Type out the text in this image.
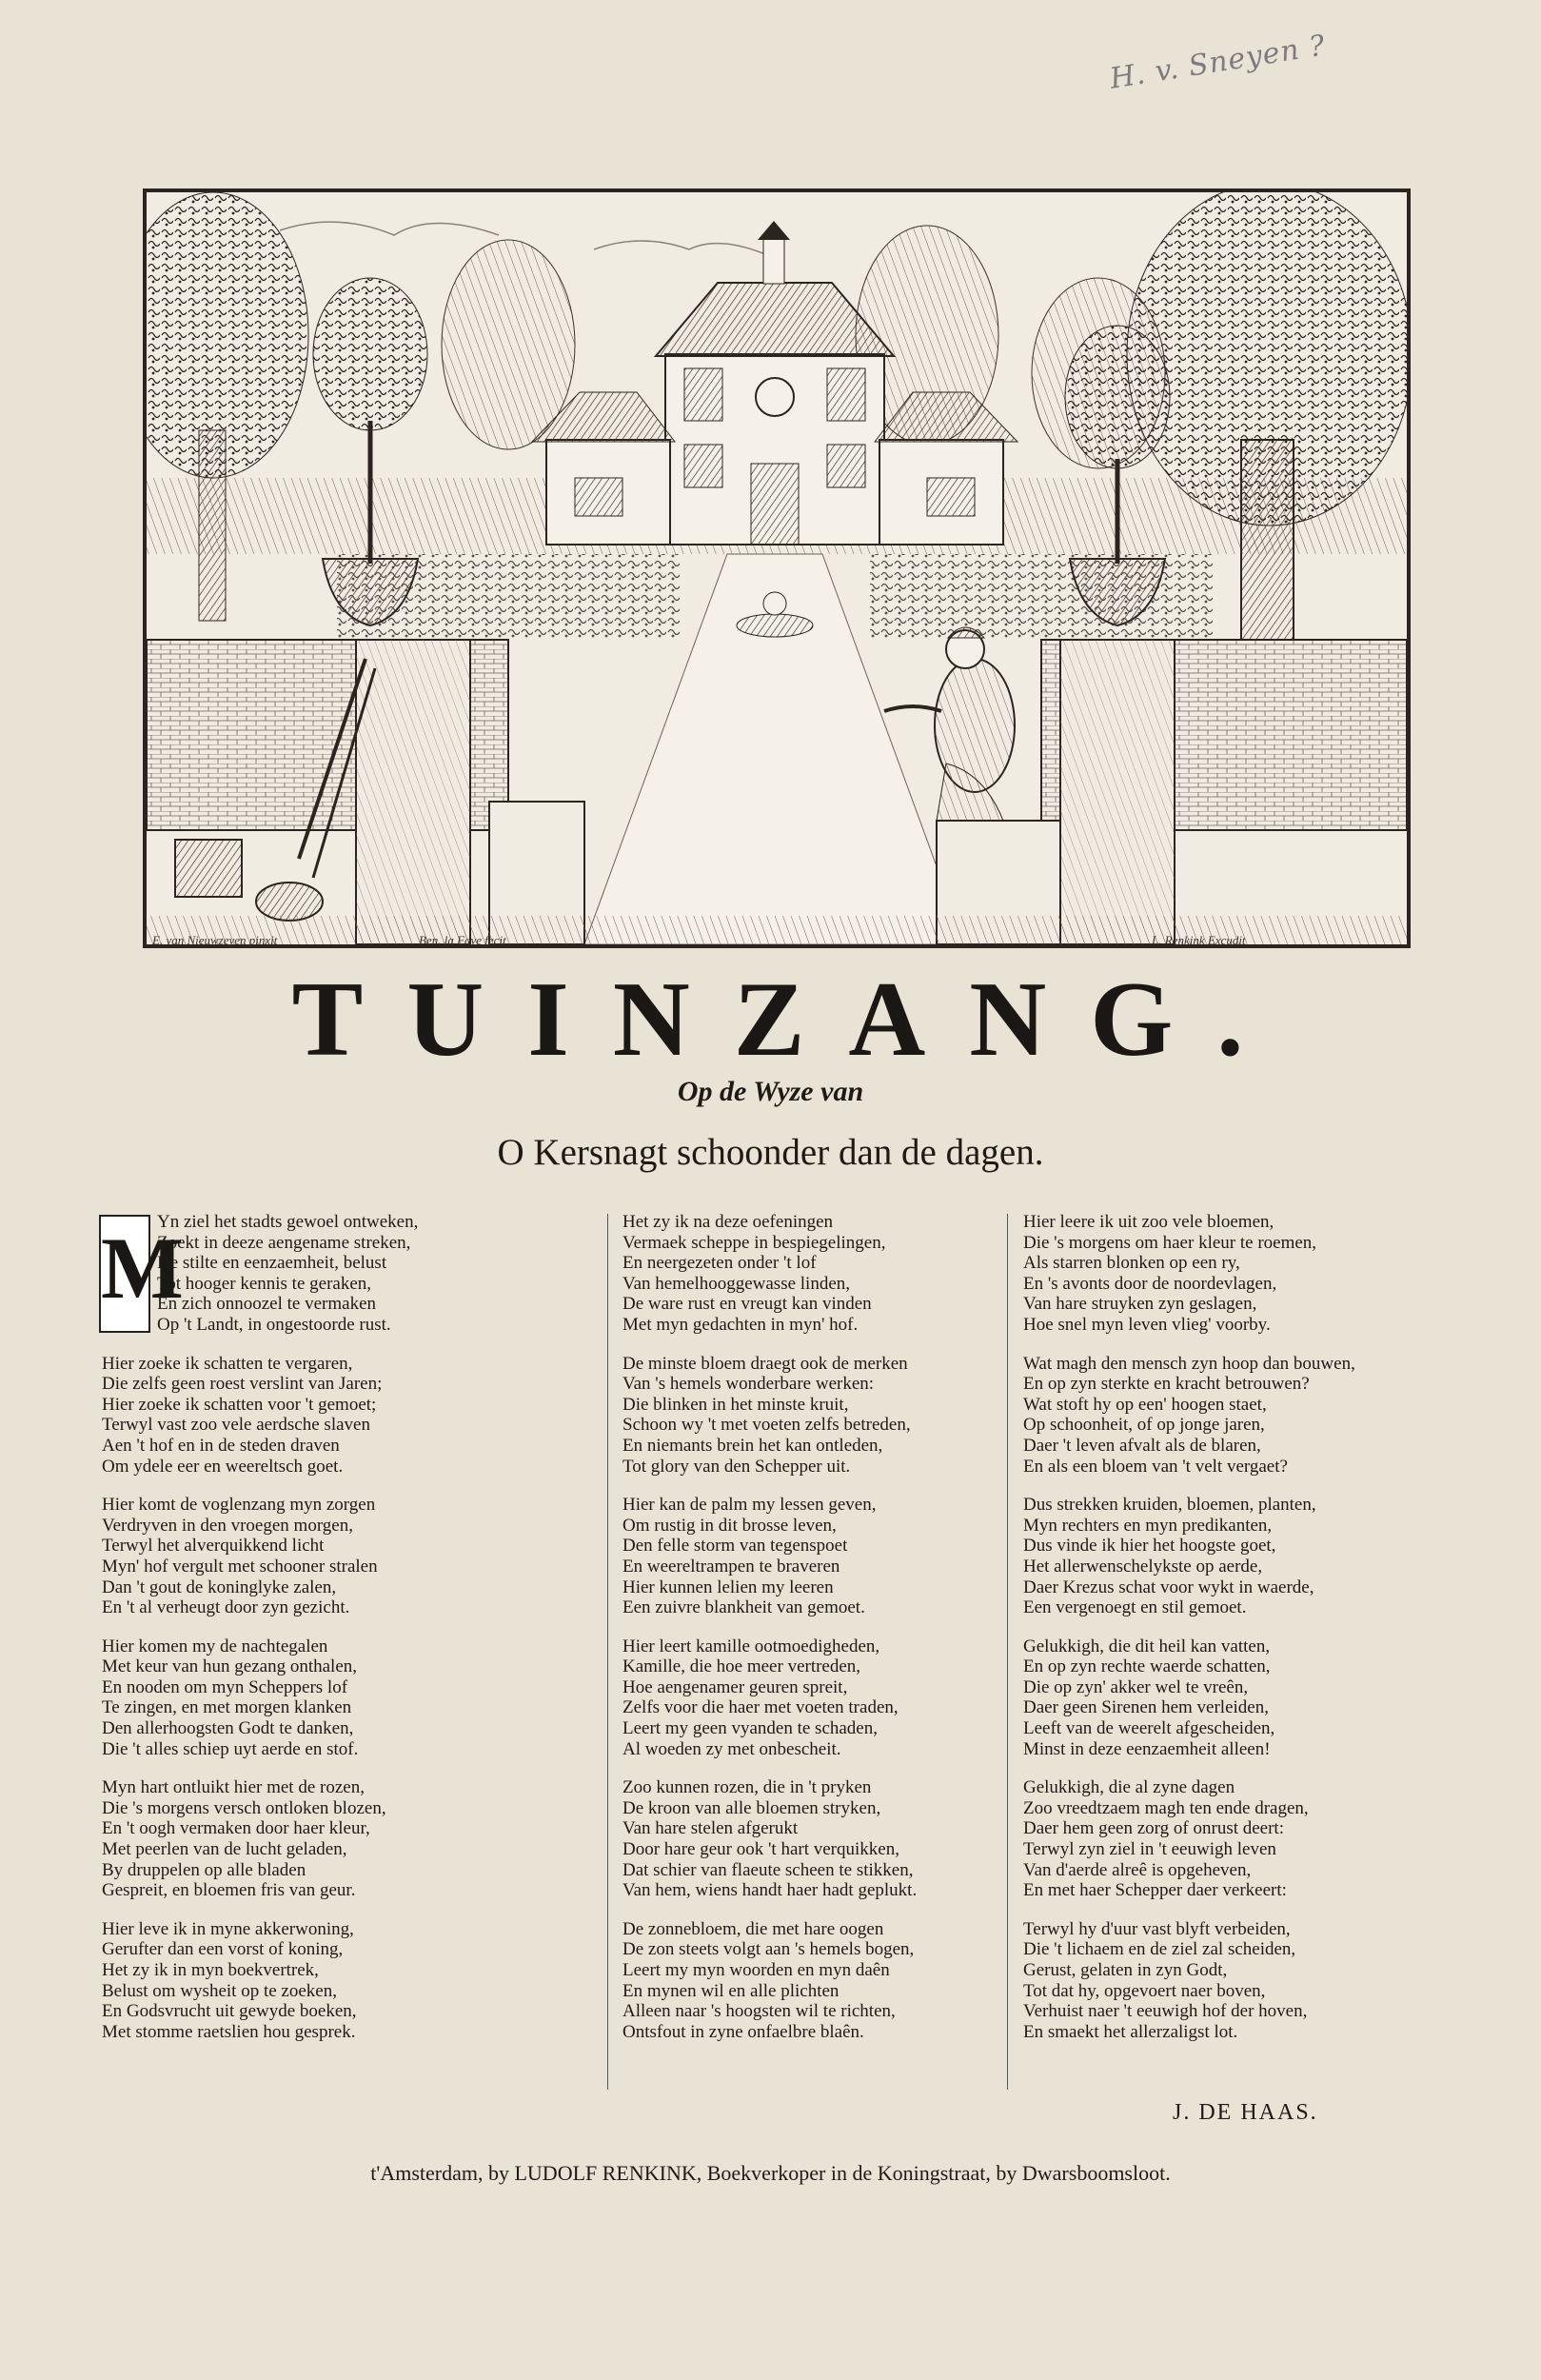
H. v. Sneyen ?
E. van Nieuwzeyen pinxit	Ben. la Fave fecit	L. Renkink Excudit
TUINZANG.
Op de Wyze van
O Kersnagt schoonder dan de dagen.
M
Yn ziel het stadts gewoel ontweken,
Zoekt in deeze aengename streken,
De stilte en eenzaemheit, belust
Tot hooger kennis te geraken,
En zich onnoozel te vermaken
Op 't Landt, in ongestoorde rust.
Hier zoeke ik schatten te vergaren,
Die zelfs geen roest verslint van Jaren;
Hier zoeke ik schatten voor 't gemoet;
Terwyl vast zoo vele aerdsche slaven
Aen 't hof en in de steden draven
Om ydele eer en weereltsch goet.
Hier komt de voglenzang myn zorgen
Verdryven in den vroegen morgen,
Terwyl het alverquikkend licht
Myn' hof vergult met schooner stralen
Dan 't gout de koninglyke zalen,
En 't al verheugt door zyn gezicht.
Hier komen my de nachtegalen
Met keur van hun gezang onthalen,
En nooden om myn Scheppers lof
Te zingen, en met morgen klanken
Den allerhoogsten Godt te danken,
Die 't alles schiep uyt aerde en stof.
Myn hart ontluikt hier met de rozen,
Die 's morgens versch ontloken blozen,
En 't oogh vermaken door haer kleur,
Met peerlen van de lucht geladen,
By druppelen op alle bladen
Gespreit, en bloemen fris van geur.
Hier leve ik in myne akkerwoning,
Gerufter dan een vorst of koning,
Het zy ik in myn boekvertrek,
Belust om wysheit op te zoeken,
En Godsvrucht uit gewyde boeken,
Met stomme raetslien hou gesprek.
Het zy ik na deze oefeningen
Vermaek scheppe in bespiegelingen,
En neergezeten onder 't lof
Van hemelhooggewasse linden,
De ware rust en vreugt kan vinden
Met myn gedachten in myn' hof.
De minste bloem draegt ook de merken
Van 's hemels wonderbare werken:
Die blinken in het minste kruit,
Schoon wy 't met voeten zelfs betreden,
En niemants brein het kan ontleden,
Tot glory van den Schepper uit.
Hier kan de palm my lessen geven,
Om rustig in dit brosse leven,
Den felle storm van tegenspoet
En weereltrampen te braveren
Hier kunnen lelien my leeren
Een zuivre blankheit van gemoet.
Hier leert kamille ootmoedigheden,
Kamille, die hoe meer vertreden,
Hoe aengenamer geuren spreit,
Zelfs voor die haer met voeten traden,
Leert my geen vyanden te schaden,
Al woeden zy met onbescheit.
Zoo kunnen rozen, die in 't pryken
De kroon van alle bloemen stryken,
Van hare stelen afgerukt
Door hare geur ook 't hart verquikken,
Dat schier van flaeute scheen te stikken,
Van hem, wiens handt haer hadt geplukt.
De zonnebloem, die met hare oogen
De zon steets volgt aan 's hemels bogen,
Leert my myn woorden en myn daên
En mynen wil en alle plichten
Alleen naar 's hoogsten wil te richten,
Ontsfout in zyne onfaelbre blaên.
Hier leere ik uit zoo vele bloemen,
Die 's morgens om haer kleur te roemen,
Als starren blonken op een ry,
En 's avonts door de noordevlagen,
Van hare struyken zyn geslagen,
Hoe snel myn leven vlieg' voorby.
Wat magh den mensch zyn hoop dan bouwen,
En op zyn sterkte en kracht betrouwen?
Wat stoft hy op een' hoogen staet,
Op schoonheit, of op jonge jaren,
Daer 't leven afvalt als de blaren,
En als een bloem van 't velt vergaet?
Dus strekken kruiden, bloemen, planten,
Myn rechters en myn predikanten,
Dus vinde ik hier het hoogste goet,
Het allerwenschelykste op aerde,
Daer Krezus schat voor wykt in waerde,
Een vergenoegt en stil gemoet.
Gelukkigh, die dit heil kan vatten,
En op zyn rechte waerde schatten,
Die op zyn' akker wel te vreên,
Daer geen Sirenen hem verleiden,
Leeft van de weerelt afgescheiden,
Minst in deze eenzaemheit alleen!
Gelukkigh, die al zyne dagen
Zoo vreedtzaem magh ten ende dragen,
Daer hem geen zorg of onrust deert:
Terwyl zyn ziel in 't eeuwigh leven
Van d'aerde alreê is opgeheven,
En met haer Schepper daer verkeert:
Terwyl hy d'uur vast blyft verbeiden,
Die 't lichaem en de ziel zal scheiden,
Gerust, gelaten in zyn Godt,
Tot dat hy, opgevoert naer boven,
Verhuist naer 't eeuwigh hof der hoven,
En smaekt het allerzaligst lot.
J. DE HAAS.
t'Amsterdam, by LUDOLF RENKINK, Boekverkoper in de Koningstraat, by Dwarsboomsloot.
